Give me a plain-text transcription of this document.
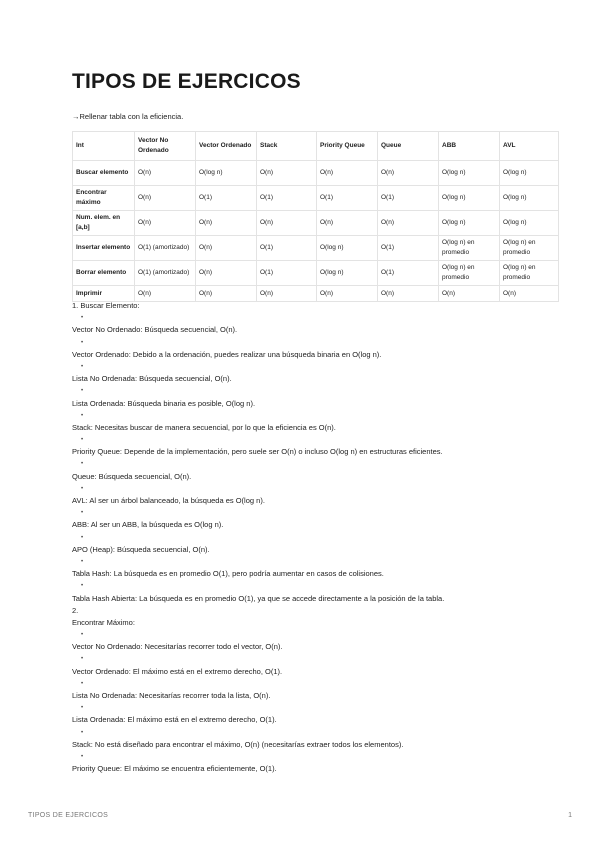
TIPOS DE EJERCICOS
→Rellenar tabla con la eficiencia.
Int	Vector No Ordenado	Vector Ordenado	Stack	Priority Queue	Queue	ABB	AVL
Buscar elemento	O(n)	O(log n)	O(n)	O(n)	O(n)	O(log n)	O(log n)
Encontrar máximo	O(n)	O(1)	O(1)	O(1)	O(1)	O(log n)	O(log n)
Num. elem. en [a,b]	O(n)	O(n)	O(n)	O(n)	O(n)	O(log n)	O(log n)
Insertar elemento	O(1) (amortizado)	O(n)	O(1)	O(log n)	O(1)	O(log n) en promedio	O(log n) en promedio
Borrar elemento	O(1) (amortizado)	O(n)	O(1)	O(log n)	O(1)	O(log n) en promedio	O(log n) en promedio
Imprimir	O(n)	O(n)	O(n)	O(n)	O(n)	O(n)	O(n)
1. Buscar Elemento:
•
Vector No Ordenado: Búsqueda secuencial, O(n).
•
Vector Ordenado: Debido a la ordenación, puedes realizar una búsqueda binaria en O(log n).
•
Lista No Ordenada: Búsqueda secuencial, O(n).
•
Lista Ordenada: Búsqueda binaria es posible, O(log n).
•
Stack: Necesitas buscar de manera secuencial, por lo que la eficiencia es O(n).
•
Priority Queue: Depende de la implementación, pero suele ser O(n) o incluso O(log n) en estructuras eficientes.
•
Queue: Búsqueda secuencial, O(n).
•
AVL: Al ser un árbol balanceado, la búsqueda es O(log n).
•
ABB: Al ser un ABB, la búsqueda es O(log n).
•
APO (Heap): Búsqueda secuencial, O(n).
•
Tabla Hash: La búsqueda es en promedio O(1), pero podría aumentar en casos de colisiones.
•
Tabla Hash Abierta: La búsqueda es en promedio O(1), ya que se accede directamente a la posición de la tabla.
2.
Encontrar Máximo:
•
Vector No Ordenado: Necesitarías recorrer todo el vector, O(n).
•
Vector Ordenado: El máximo está en el extremo derecho, O(1).
•
Lista No Ordenada: Necesitarías recorrer toda la lista, O(n).
•
Lista Ordenada: El máximo está en el extremo derecho, O(1).
•
Stack: No está diseñado para encontrar el máximo, O(n) (necesitarías extraer todos los elementos).
•
Priority Queue: El máximo se encuentra eficientemente, O(1).
TIPOS DE EJERCICOS	1
